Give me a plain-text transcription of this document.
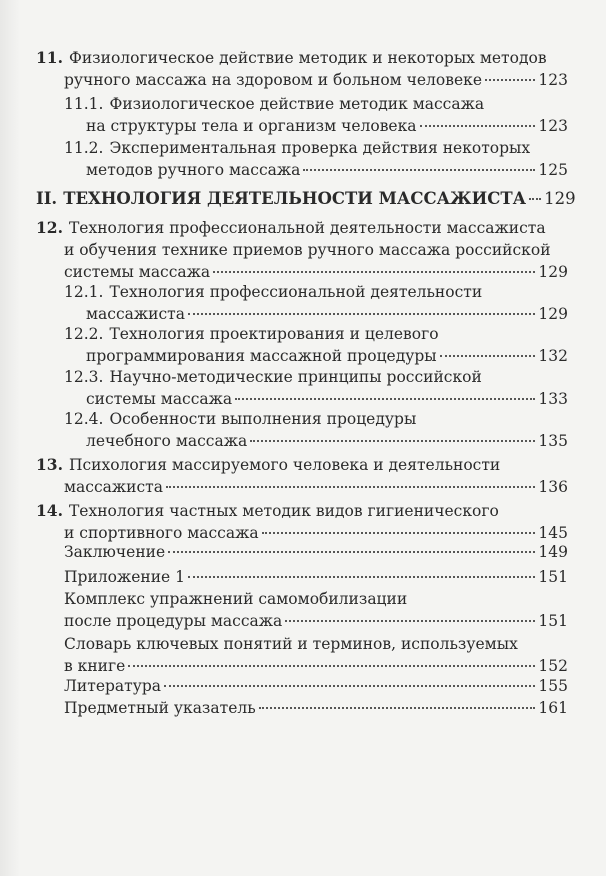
11. Физиологическое действие методик и некоторых методов
ручного массажа на здоровом и больном человеке	123
11.1. Физиологическое действие методик массажа
на структуры тела и организм человека	123
11.2. Экспериментальная проверка действия некоторых
методов ручного массажа	125
II. ТЕХНОЛОГИЯ ДЕЯТЕЛЬНОСТИ МАССАЖИСТА 129
12. Технология профессиональной деятельности массажиста
и обучения технике приемов ручного массажа российской
системы массажа	129
12.1. Технология профессиональной деятельности
массажиста	129
12.2. Технология проектирования и целевого
программирования массажной процедуры	132
12.3. Научно-методические принципы российской
системы массажа	133
12.4. Особенности выполнения процедуры
лечебного массажа	135
13. Психология массируемого человека и деятельности
массажиста	136
14. Технология частных методик видов гигиенического
и спортивного массажа	145
Заключение	149
Приложение 1	151
Комплекс упражнений самомобилизации
после процедуры массажа	151
Словарь ключевых понятий и терминов, используемых
в книге	152
Литература	155
Предметный указатель	161
